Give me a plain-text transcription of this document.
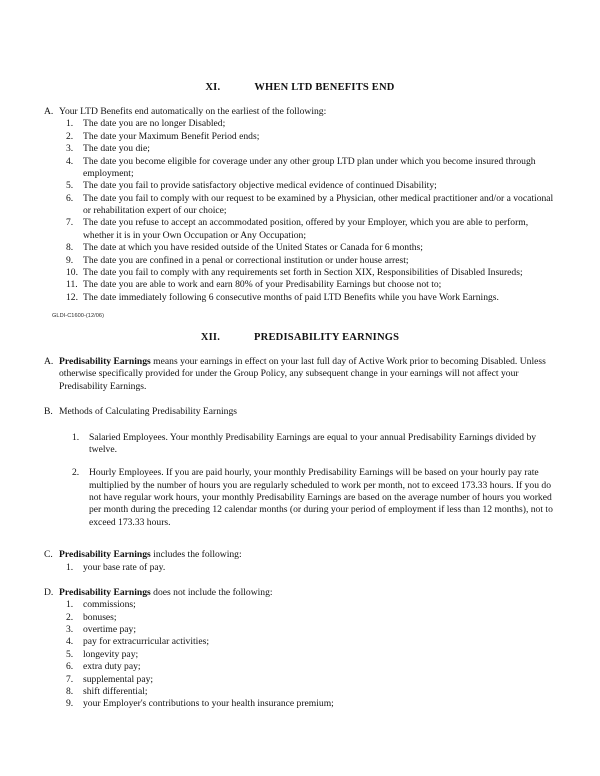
XI.	WHEN LTD BENEFITS END
A. Your LTD Benefits end automatically on the earliest of the following:
1.	The date you are no longer Disabled;
2.	The date your Maximum Benefit Period ends;
3.	The date you die;
4.	The date you become eligible for coverage under any other group LTD plan under which you become insured through employment;
5.	The date you fail to provide satisfactory objective medical evidence of continued Disability;
6.	The date you fail to comply with our request to be examined by a Physician, other medical practitioner and/or a vocational or rehabilitation expert of our choice;
7.	The date you refuse to accept an accommodated position, offered by your Employer, which you are able to perform, whether it is in your Own Occupation or Any Occupation;
8.	The date at which you have resided outside of the United States or Canada for 6 months;
9.	The date you are confined in a penal or correctional institution or under house arrest;
10. The date you fail to comply with any requirements set forth in Section XIX, Responsibilities of Disabled Insureds;
11. The date you are able to work and earn 80% of your Predisability Earnings but choose not to;
12. The date immediately following 6 consecutive months of paid LTD Benefits while you have Work Earnings.

GLDI-C1600-(12/06)

XII.	PREDISABILITY EARNINGS
A. Predisability Earnings means your earnings in effect on your last full day of Active Work prior to becoming Disabled. Unless otherwise specifically provided for under the Group Policy, any subsequent change in your earnings will not affect your Predisability Earnings.
B. Methods of Calculating Predisability Earnings
1.	Salaried Employees. Your monthly Predisability Earnings are equal to your annual Predisability Earnings divided by twelve.
2.	Hourly Employees. If you are paid hourly, your monthly Predisability Earnings will be based on your hourly pay rate multiplied by the number of hours you are regularly scheduled to work per month, not to exceed 173.33 hours. If you do not have regular work hours, your monthly Predisability Earnings are based on the average number of hours you worked per month during the preceding 12 calendar months (or during your period of employment if less than 12 months), not to exceed 173.33 hours.
C. Predisability Earnings includes the following:
1.	your base rate of pay.
D. Predisability Earnings does not include the following:
1.	commissions;
2.	bonuses;
3.	overtime pay;
4.	pay for extracurricular activities;
5.	longevity pay;
6.	extra duty pay;
7.	supplemental pay;
8.	shift differential;
9.	your Employer's contributions to your health insurance premium;
